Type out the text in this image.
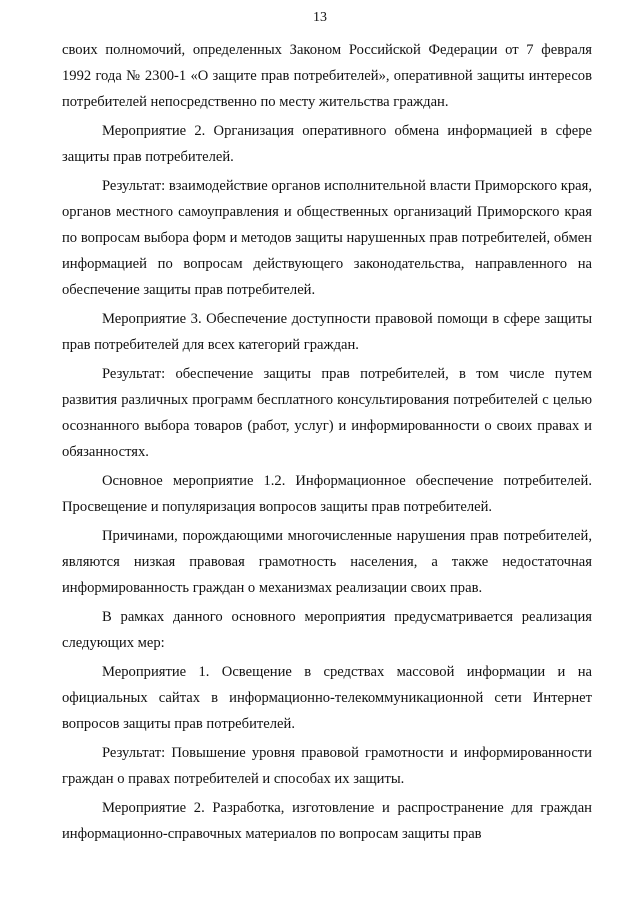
13

своих полномочий, определенных Законом Российской Федерации от 7 февраля 1992 года № 2300-1 «О защите прав потребителей», оперативной защиты интересов потребителей непосредственно по месту жительства граждан.

Мероприятие 2. Организация оперативного обмена информацией в сфере защиты прав потребителей.

Результат: взаимодействие органов исполнительной власти Приморского края, органов местного самоуправления и общественных организаций Приморского края по вопросам выбора форм и методов защиты нарушенных прав потребителей, обмен информацией по вопросам действующего законодательства, направленного на обеспечение защиты прав потребителей.

Мероприятие 3. Обеспечение доступности правовой помощи в сфере защиты прав потребителей для всех категорий граждан.

Результат: обеспечение защиты прав потребителей, в том числе путем развития различных программ бесплатного консультирования потребителей с целью осознанного выбора товаров (работ, услуг) и информированности о своих правах и обязанностях.

Основное мероприятие 1.2. Информационное обеспечение потребителей. Просвещение и популяризация вопросов защиты прав потребителей.

Причинами, порождающими многочисленные нарушения прав потребителей, являются низкая правовая грамотность населения, а также недостаточная информированность граждан о механизмах реализации своих прав.

В рамках данного основного мероприятия предусматривается реализация следующих мер:

Мероприятие 1. Освещение в средствах массовой информации и на официальных сайтах в информационно-телекоммуникационной сети Интернет вопросов защиты прав потребителей.

Результат: Повышение уровня правовой грамотности и информированности граждан о правах потребителей и способах их защиты.

Мероприятие 2. Разработка, изготовление и распространение для граждан информационно-справочных материалов по вопросам защиты прав
